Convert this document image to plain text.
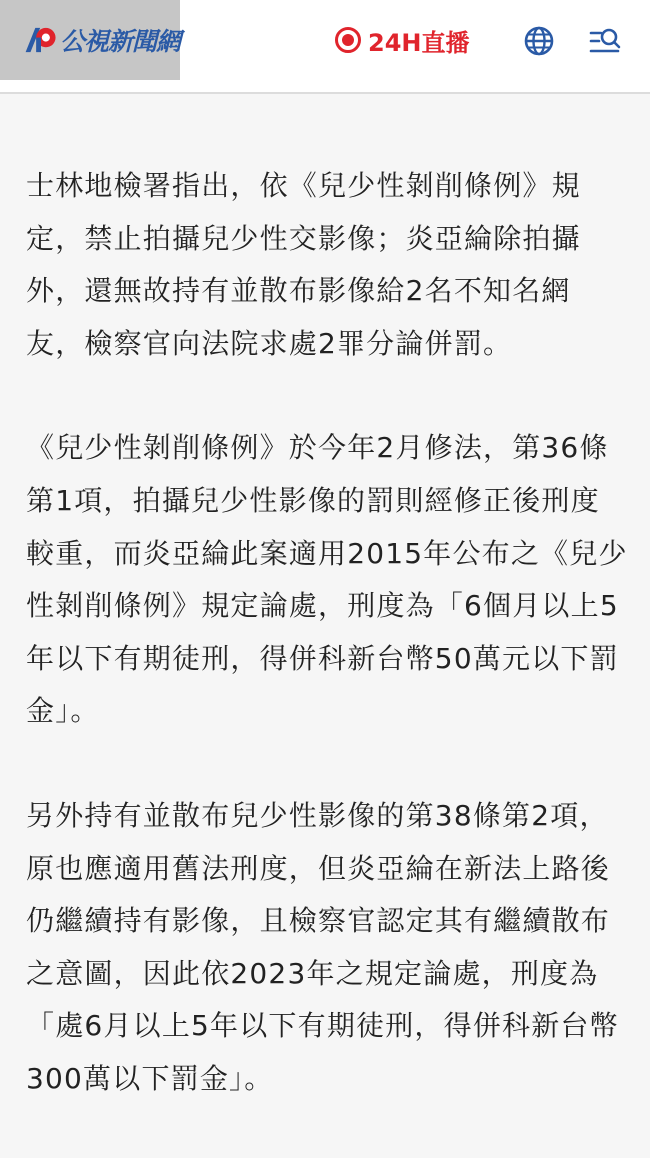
公視新聞網	24H直播

士林地檢署指出，依《兒少性剝削條例》規定，禁止拍攝兒少性交影像；炎亞綸除拍攝外，還無故持有並散布影像給2名不知名網友，檢察官向法院求處2罪分論併罰。

《兒少性剝削條例》於今年2月修法，第36條第1項，拍攝兒少性影像的罰則經修正後刑度較重，而炎亞綸此案適用2015年公布之《兒少性剝削條例》規定論處，刑度為「6個月以上5年以下有期徒刑，得併科新台幣50萬元以下罰金」。

另外持有並散布兒少性影像的第38條第2項，原也應適用舊法刑度，但炎亞綸在新法上路後仍繼續持有影像，且檢察官認定其有繼續散布之意圖，因此依2023年之規定論處，刑度為「處6月以上5年以下有期徒刑，得併科新台幣300萬以下罰金」。
